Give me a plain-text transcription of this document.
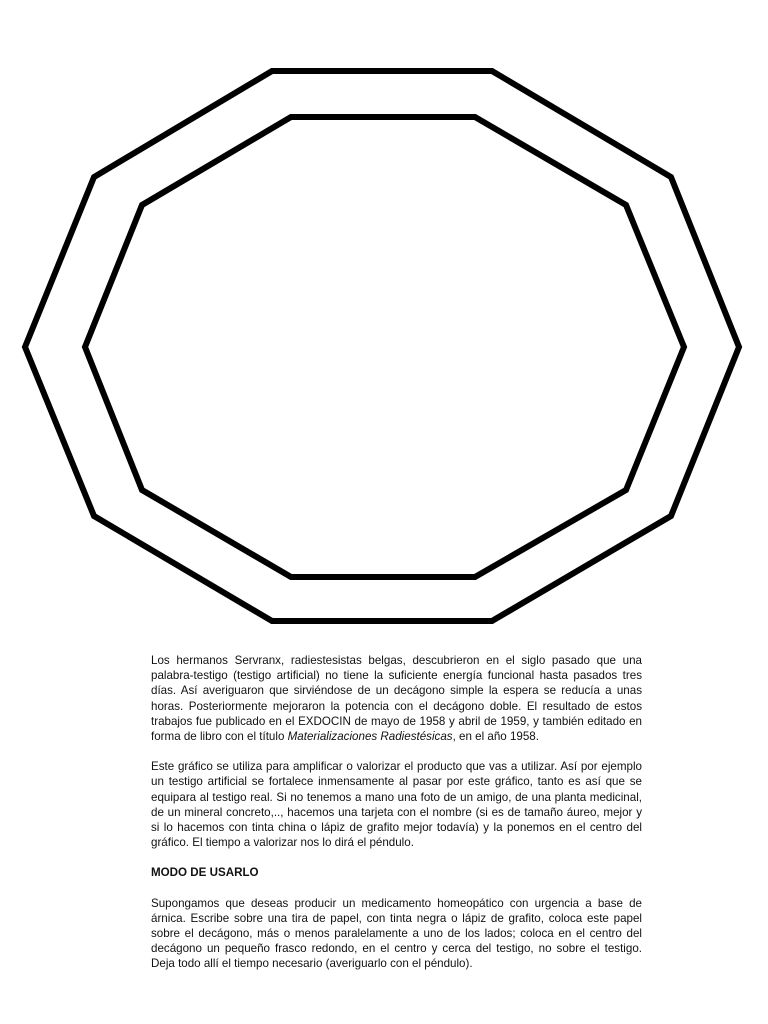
Los hermanos Servranx, radiestesistas belgas, descubrieron en el siglo pasado que una palabra-testigo (testigo artificial) no tiene la suficiente energía funcional hasta pasados tres días. Así averiguaron que sirviéndose de un decágono simple la espera se reducía a unas horas. Posteriormente mejoraron la potencia con el decágono doble. El resultado de estos trabajos fue publicado en el EXDOCIN de mayo de 1958 y abril de 1959, y también editado en forma de libro con el título Materializaciones Radiestésicas, en el año 1958.

Este gráfico se utiliza para amplificar o valorizar el producto que vas a utilizar. Así por ejemplo un testigo artificial se fortalece inmensamente al pasar por este gráfico, tanto es así que se equipara al testigo real. Si no tenemos a mano una foto de un amigo, de una planta medicinal, de un mineral concreto,.., hacemos una tarjeta con el nombre (si es de tamaño áureo, mejor y si lo hacemos con tinta china o lápiz de grafito mejor todavía) y la ponemos en el centro del gráfico. El tiempo a valorizar nos lo dirá el péndulo.

MODO DE USARLO

Supongamos que deseas producir un medicamento homeopático con urgencia a base de árnica. Escribe sobre una tira de papel, con tinta negra o lápiz de grafito, coloca este papel sobre el decágono, más o menos paralelamente a uno de los lados; coloca en el centro del decágono un pequeño frasco redondo, en el centro y cerca del testigo, no sobre el testigo. Deja todo allí el tiempo necesario (averiguarlo con el péndulo).
